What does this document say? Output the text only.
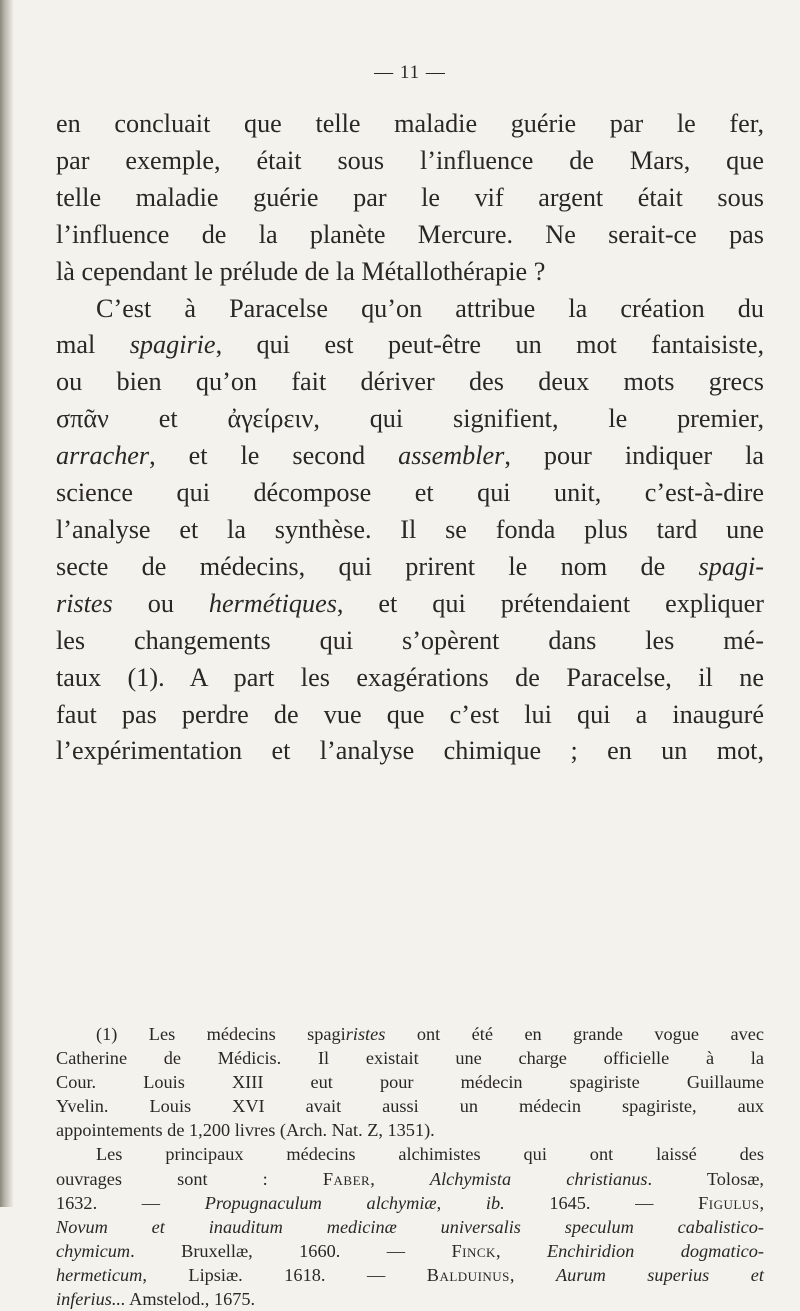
— 11 —
en concluait que telle maladie guérie par le fer,
par exemple, était sous l’influence de Mars, que
telle maladie guérie par le vif argent était sous
l’influence de la planète Mercure. Ne serait-ce pas
là cependant le prélude de la Métallothérapie ?
C’est à Paracelse qu’on attribue la création du
mal spagirie, qui est peut-être un mot fantaisiste,
ou bien qu’on fait dériver des deux mots grecs
σπᾶν et ἀγείρειν, qui signifient, le premier,
arracher, et le second assembler, pour indiquer la
science qui décompose et qui unit, c’est-à-dire
l’analyse et la synthèse. Il se fonda plus tard une
secte de médecins, qui prirent le nom de spagi-
ristes ou hermétiques, et qui prétendaient expliquer
les changements qui s’opèrent dans les mé-
taux (1). A part les exagérations de Paracelse, il ne
faut pas perdre de vue que c’est lui qui a inauguré
l’expérimentation et l’analyse chimique ; en un mot,
(1) Les médecins spagiristes ont été en grande vogue avec
Catherine de Médicis. Il existait une charge officielle à la
Cour. Louis XIII eut pour médecin spagiriste Guillaume
Yvelin. Louis XVI avait aussi un médecin spagiriste, aux
appointements de 1,200 livres (Arch. Nat. Z, 1351).
Les principaux médecins alchimistes qui ont laissé des
ouvrages sont : Faber, Alchymista christianus. Tolosæ,
1632. — Propugnaculum alchymiæ, ib. 1645. — Figulus,
Novum et inauditum medicinæ universalis speculum cabalistico-
chymicum. Bruxellæ, 1660. — Finck, Enchiridion dogmatico-
hermeticum, Lipsiæ. 1618. — Balduinus, Aurum superius et
inferius... Amstelod., 1675.
